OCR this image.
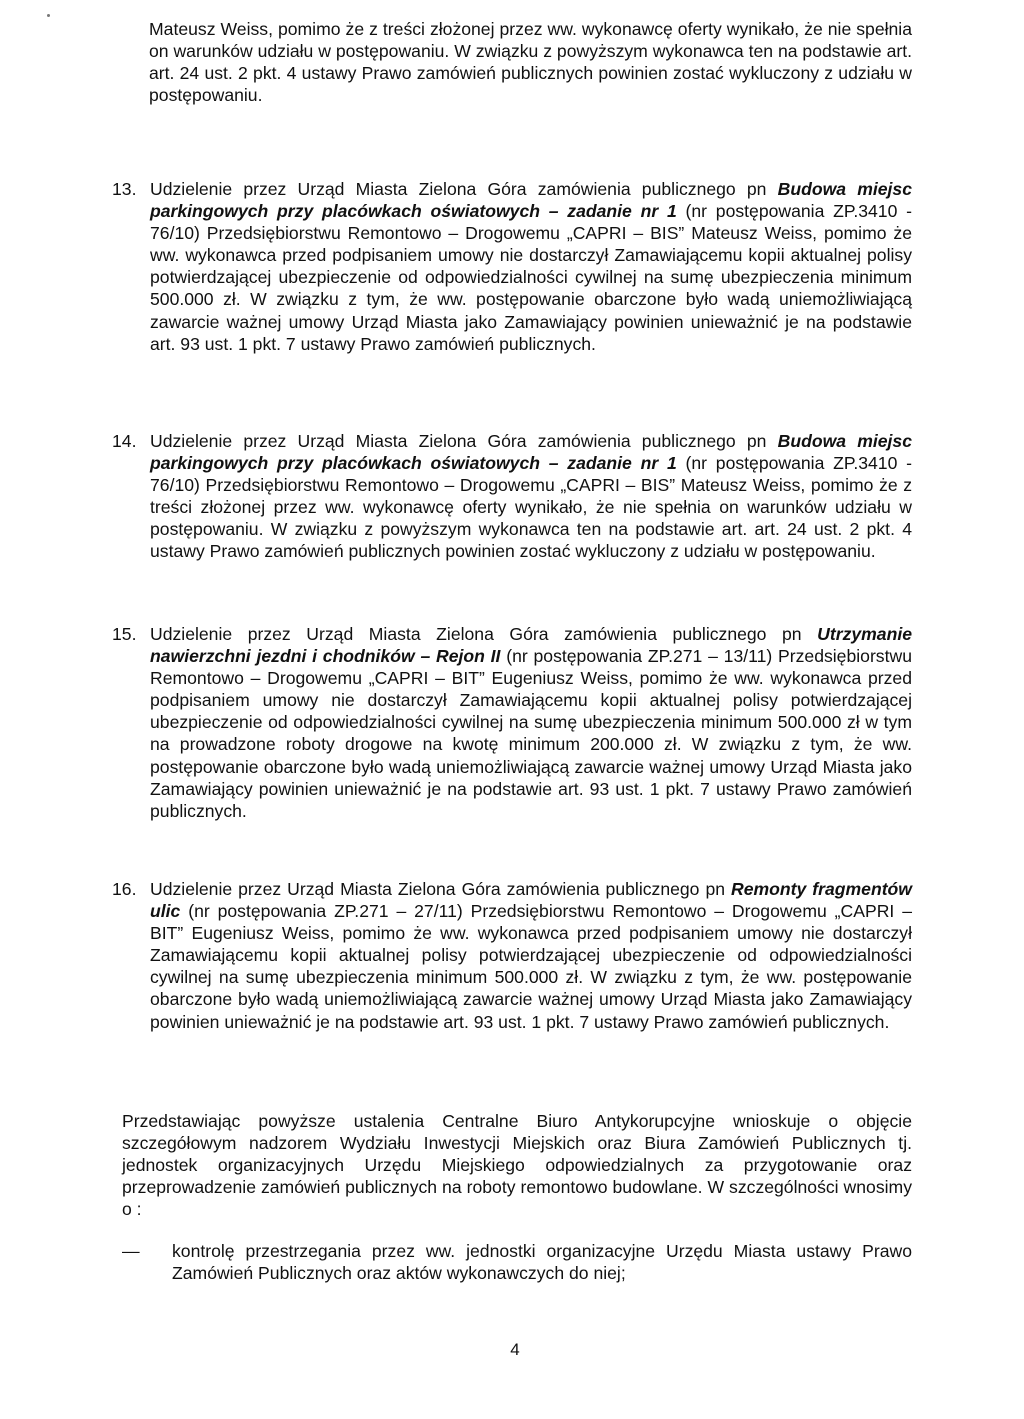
Mateusz Weiss, pomimo że z treści złożonej przez ww. wykonawcę oferty wynikało, że nie spełnia on warunków udziału w postępowaniu. W związku z powyższym wykonawca ten na podstawie art. art. 24 ust. 2 pkt. 4 ustawy Prawo zamówień publicznych powinien zostać wykluczony z udziału w postępowaniu.

13. Udzielenie przez Urząd Miasta Zielona Góra zamówienia publicznego pn Budowa miejsc parkingowych przy placówkach oświatowych – zadanie nr 1 (nr postępowania ZP.3410 - 76/10) Przedsiębiorstwu Remontowo – Drogowemu „CAPRI – BIS” Mateusz Weiss, pomimo że ww. wykonawca przed podpisaniem umowy nie dostarczył Zamawiającemu kopii aktualnej polisy potwierdzającej ubezpieczenie od odpowiedzialności cywilnej na sumę ubezpieczenia minimum 500.000 zł. W związku z tym, że ww. postępowanie obarczone było wadą uniemożliwiającą zawarcie ważnej umowy Urząd Miasta jako Zamawiający powinien unieważnić je na podstawie art. 93 ust. 1 pkt. 7 ustawy Prawo zamówień publicznych.

14. Udzielenie przez Urząd Miasta Zielona Góra zamówienia publicznego pn Budowa miejsc parkingowych przy placówkach oświatowych – zadanie nr 1 (nr postępowania ZP.3410 - 76/10) Przedsiębiorstwu Remontowo – Drogowemu „CAPRI – BIS” Mateusz Weiss, pomimo że z treści złożonej przez ww. wykonawcę oferty wynikało, że nie spełnia on warunków udziału w postępowaniu. W związku z powyższym wykonawca ten na podstawie art. art. 24 ust. 2 pkt. 4 ustawy Prawo zamówień publicznych powinien zostać wykluczony z udziału w postępowaniu.

15. Udzielenie przez Urząd Miasta Zielona Góra zamówienia publicznego pn Utrzymanie nawierzchni jezdni i chodników – Rejon II (nr postępowania ZP.271 – 13/11) Przedsiębiorstwu Remontowo – Drogowemu „CAPRI – BIT” Eugeniusz Weiss, pomimo że ww. wykonawca przed podpisaniem umowy nie dostarczył Zamawiającemu kopii aktualnej polisy potwierdzającej ubezpieczenie od odpowiedzialności cywilnej na sumę ubezpieczenia minimum 500.000 zł w tym na prowadzone roboty drogowe na kwotę minimum 200.000 zł. W związku z tym, że ww. postępowanie obarczone było wadą uniemożliwiającą zawarcie ważnej umowy Urząd Miasta jako Zamawiający powinien unieważnić je na podstawie art. 93 ust. 1 pkt. 7 ustawy Prawo zamówień publicznych.

16. Udzielenie przez Urząd Miasta Zielona Góra zamówienia publicznego pn Remonty fragmentów ulic (nr postępowania ZP.271 – 27/11) Przedsiębiorstwu Remontowo – Drogowemu „CAPRI – BIT” Eugeniusz Weiss, pomimo że ww. wykonawca przed podpisaniem umowy nie dostarczył Zamawiającemu kopii aktualnej polisy potwierdzającej ubezpieczenie od odpowiedzialności cywilnej na sumę ubezpieczenia minimum 500.000 zł. W związku z tym, że ww. postępowanie obarczone było wadą uniemożliwiającą zawarcie ważnej umowy Urząd Miasta jako Zamawiający powinien unieważnić je na podstawie art. 93 ust. 1 pkt. 7 ustawy Prawo zamówień publicznych.

Przedstawiając powyższe ustalenia Centralne Biuro Antykorupcyjne wnioskuje o objęcie szczegółowym nadzorem Wydziału Inwestycji Miejskich oraz Biura Zamówień Publicznych tj. jednostek organizacyjnych Urzędu Miejskiego odpowiedzialnych za przygotowanie oraz przeprowadzenie zamówień publicznych na roboty remontowo budowlane. W szczególności wnosimy o :

—	kontrolę przestrzegania przez ww. jednostki organizacyjne Urzędu Miasta ustawy Prawo Zamówień Publicznych oraz aktów wykonawczych do niej;

4
